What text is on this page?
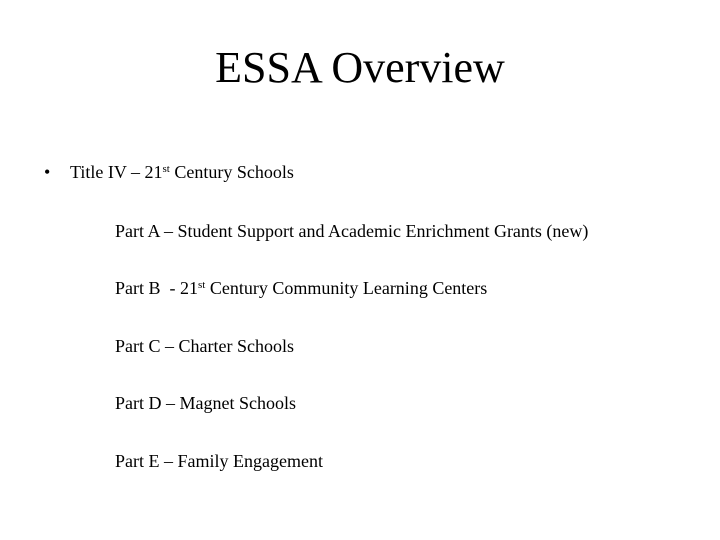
ESSA Overview
• Title IV – 21st Century Schools
Part A – Student Support and Academic Enrichment Grants (new)
Part B  - 21st Century Community Learning Centers
Part C – Charter Schools
Part D – Magnet Schools
Part E – Family Engagement
